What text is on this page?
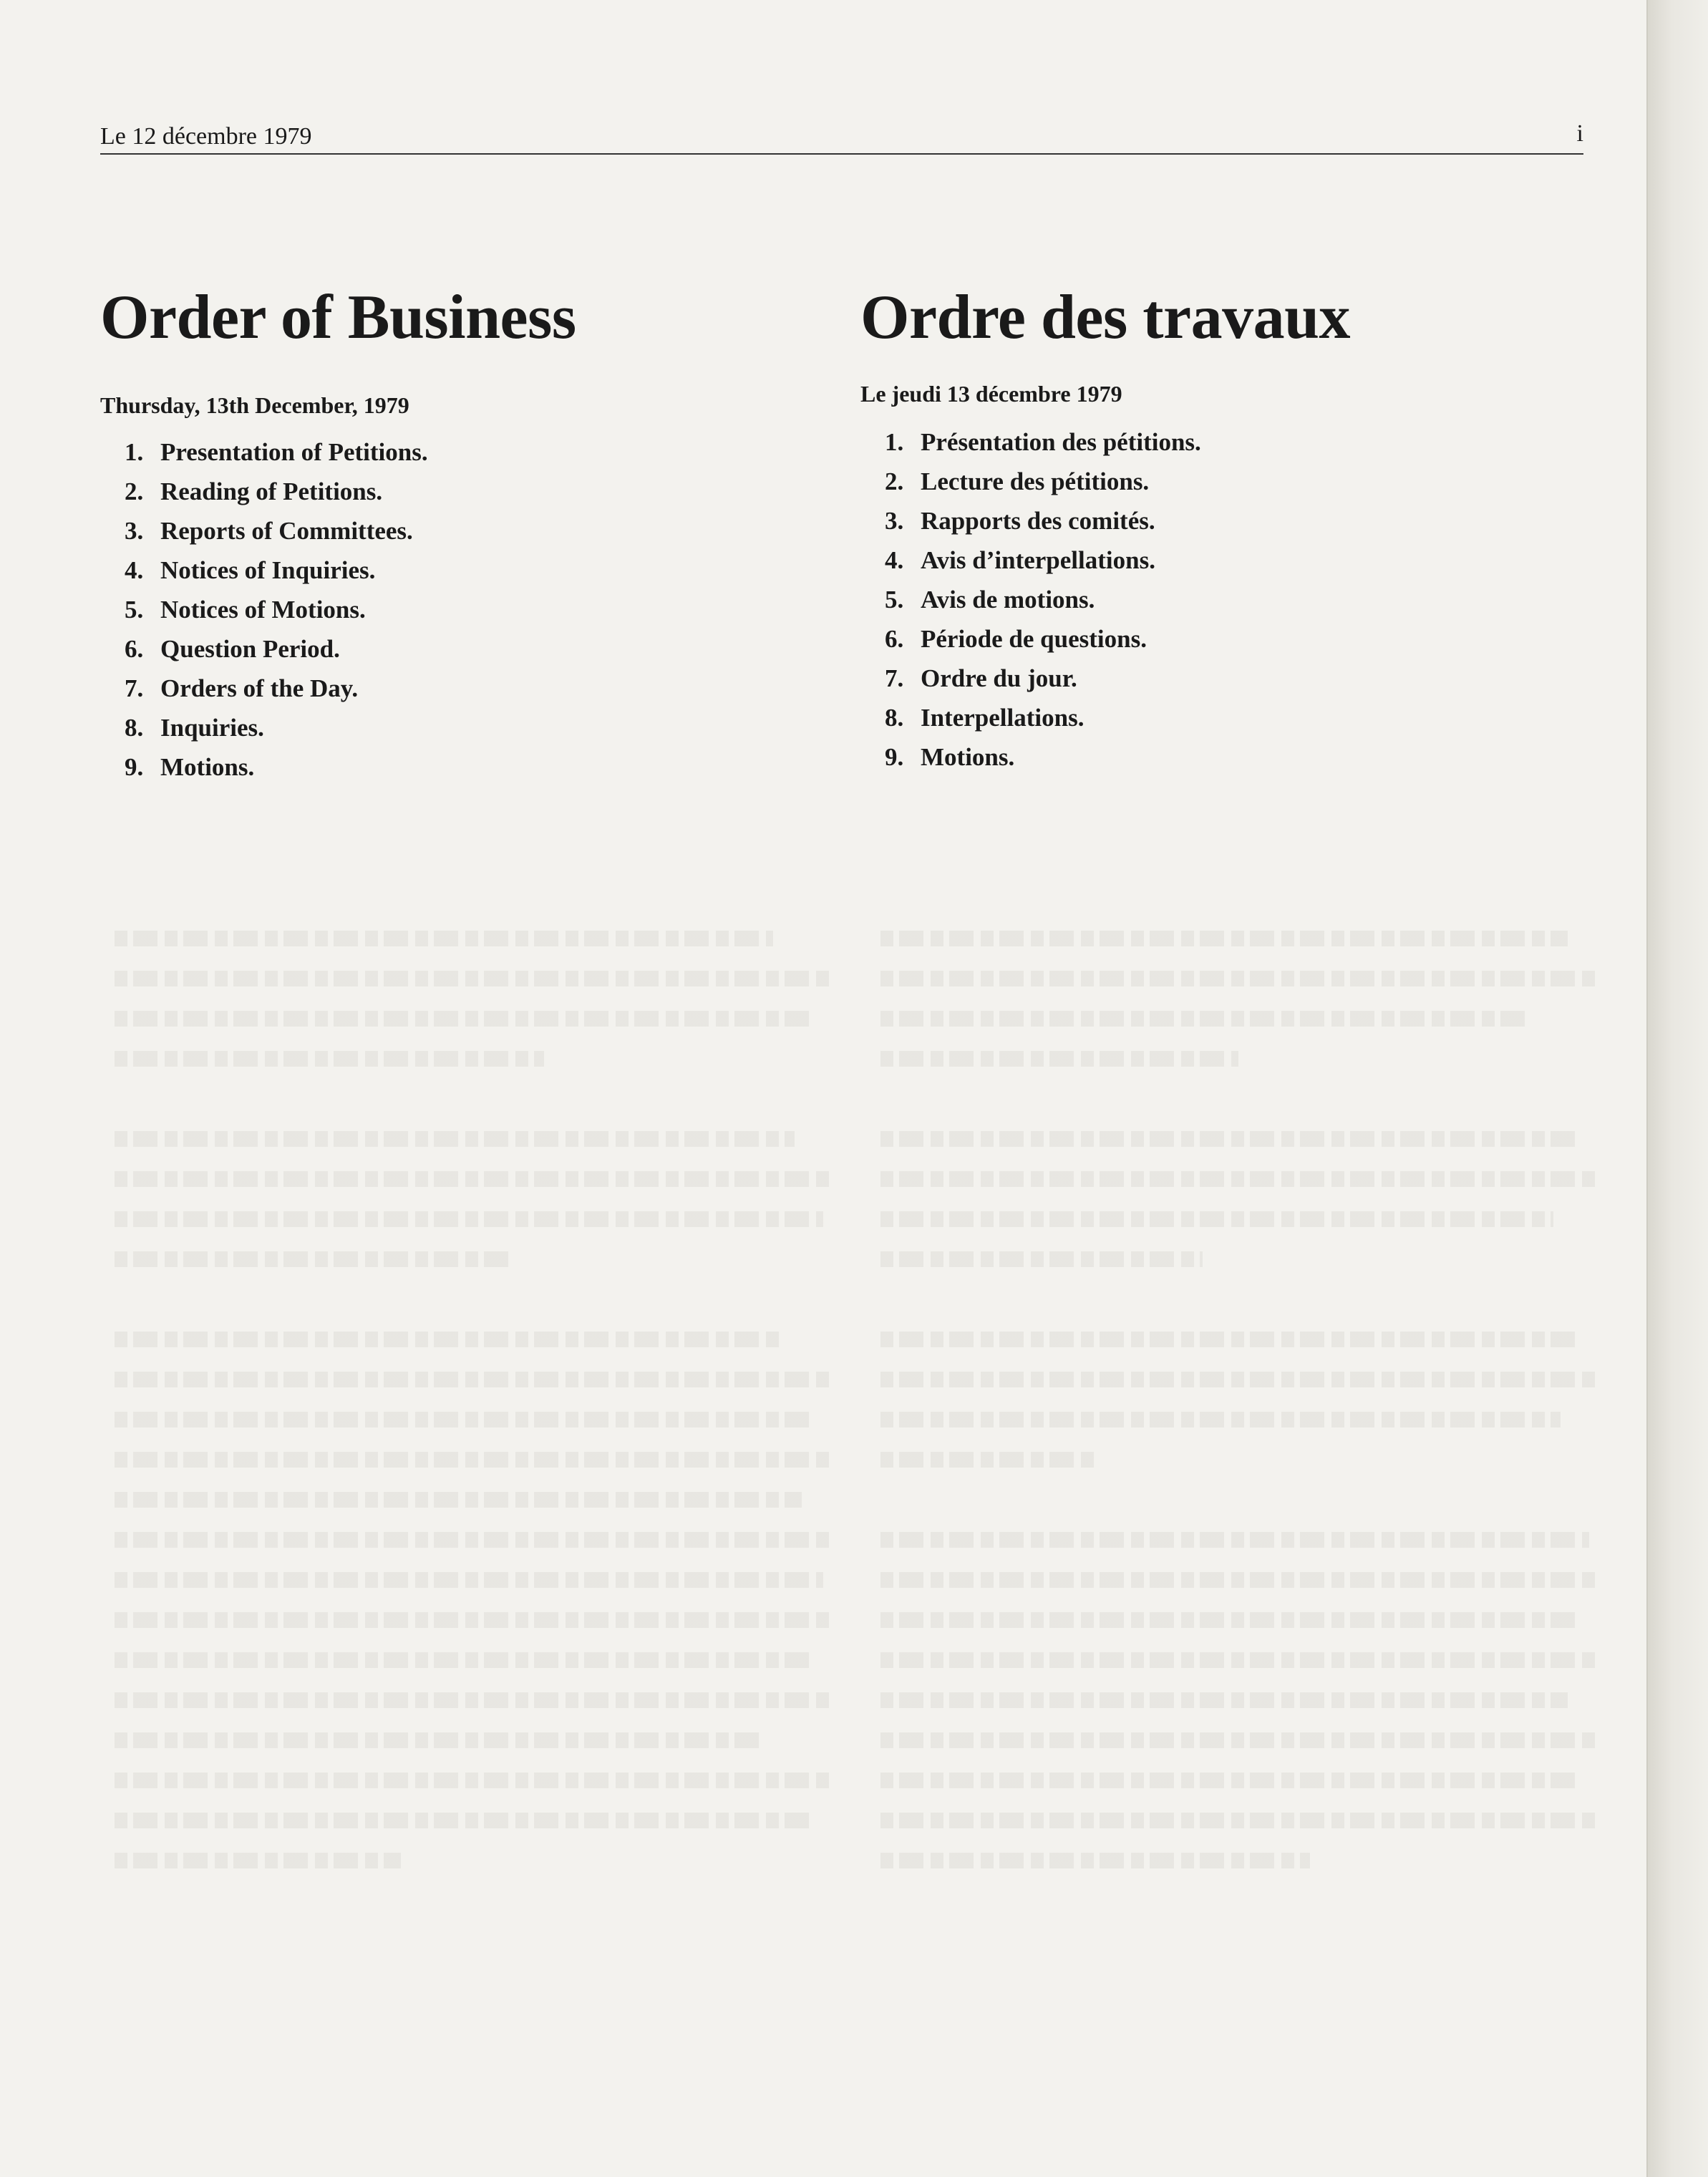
Le 12 décembre 1979	i
Order of Business

Thursday, 13th December, 1979

1. Presentation of Petitions.
2. Reading of Petitions.
3. Reports of Committees.
4. Notices of Inquiries.
5. Notices of Motions.
6. Question Period.
7. Orders of the Day.
8. Inquiries.
9. Motions.
Ordre des travaux

Le jeudi 13 décembre 1979

1. Présentation des pétitions.
2. Lecture des pétitions.
3. Rapports des comités.
4. Avis d’interpellations.
5. Avis de motions.
6. Période de questions.
7. Ordre du jour.
8. Interpellations.
9. Motions.
